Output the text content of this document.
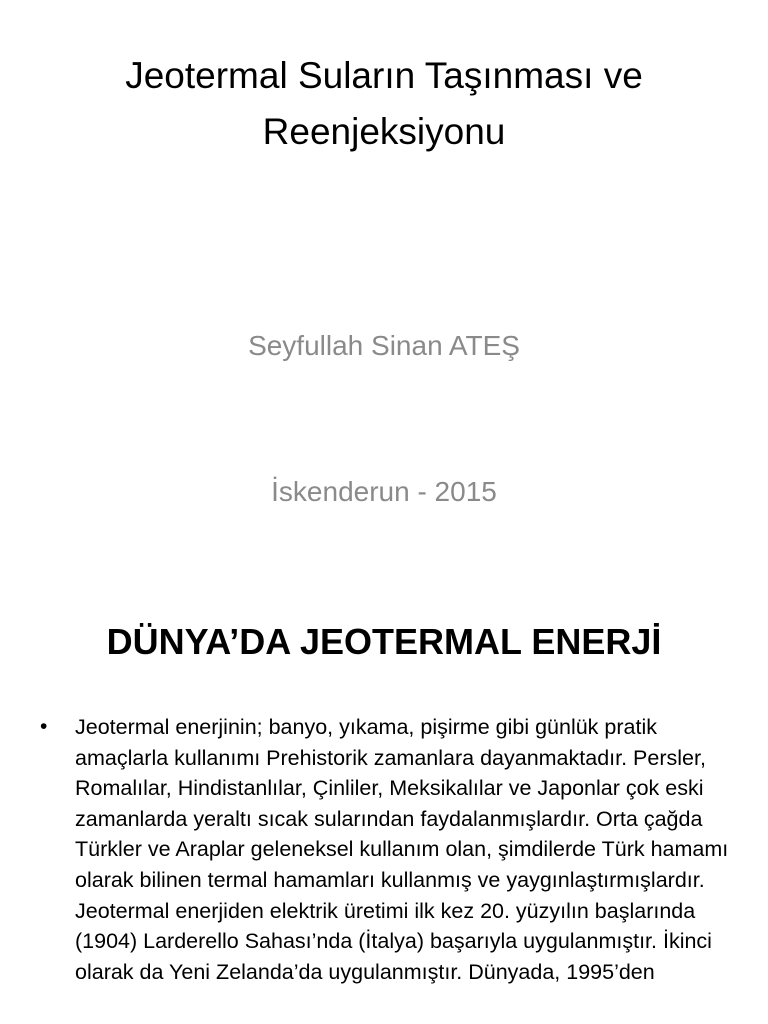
Jeotermal Suların Taşınması ve Reenjeksiyonu

Seyfullah Sinan ATEŞ

İskenderun - 2015

DÜNYA’DA JEOTERMAL ENERJİ
• Jeotermal enerjinin; banyo, yıkama, pişirme gibi günlük pratik amaçlarla kullanımı Prehistorik zamanlara dayanmaktadır. Persler, Romalılar, Hindistanlılar, Çinliler, Meksikalılar ve Japonlar çok eski zamanlarda yeraltı sıcak sularından faydalanmışlardır. Orta çağda Türkler ve Araplar geleneksel kullanım olan, şimdilerde Türk hamamı olarak bilinen termal hamamları kullanmış ve yaygınlaştırmışlardır. Jeotermal enerjiden elektrik üretimi ilk kez 20. yüzyılın başlarında (1904) Larderello Sahası’nda (İtalya) başarıyla uygulanmıştır. İkinci olarak da Yeni Zelanda’da uygulanmıştır. Dünyada, 1995’den
